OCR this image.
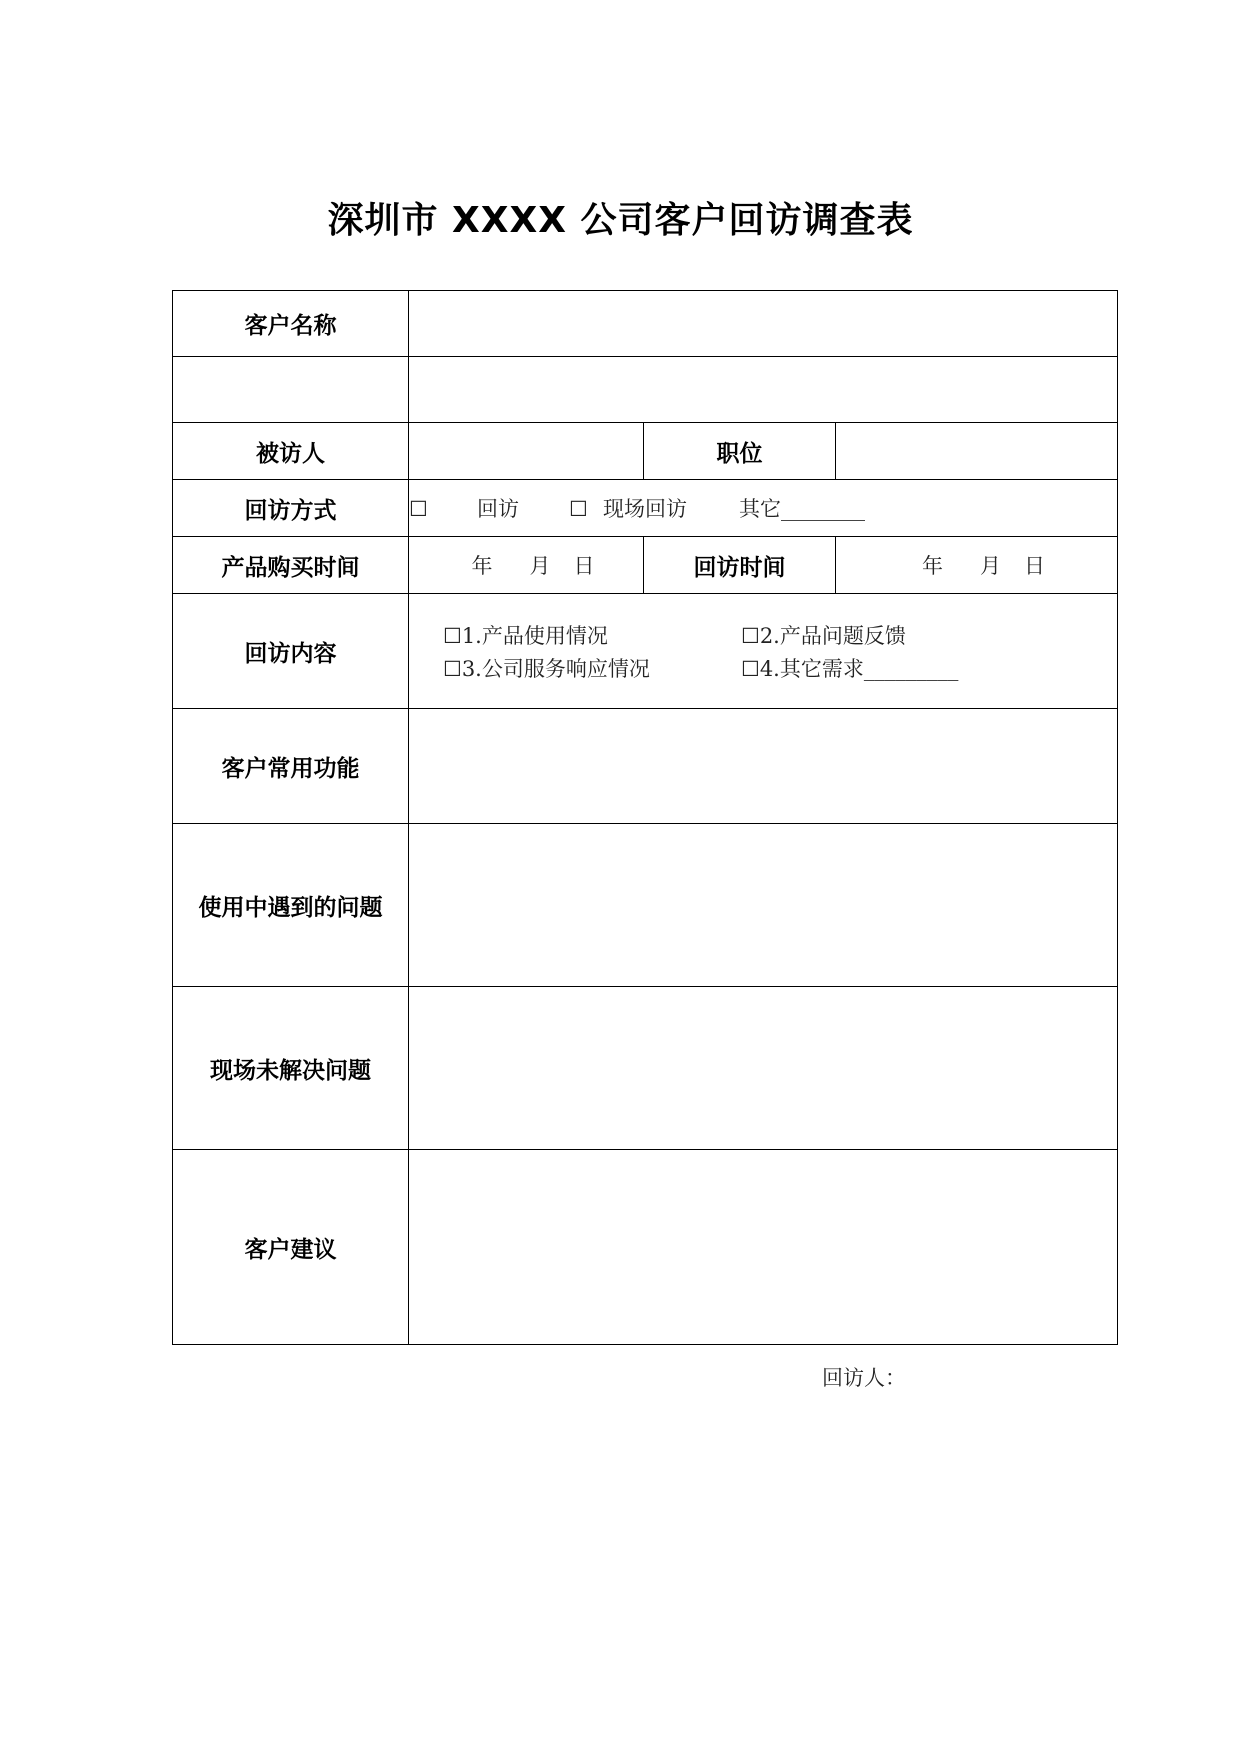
深圳市 XXXX 公司客户回访调查表
客户名称			

被访人		职位	
回访方式	☐ 回访 ☐ 现场回访 其它________		
产品购买时间	年 月 日	回访时间	年 月 日
回访内容	☐1.产品使用情况 ☐2.产品问题反馈
☐3.公司服务响应情况 ☐4.其它需求_________		

客户常用功能			
使用中遇到的问题			
现场未解决问题			
客户建议			
回访人：
